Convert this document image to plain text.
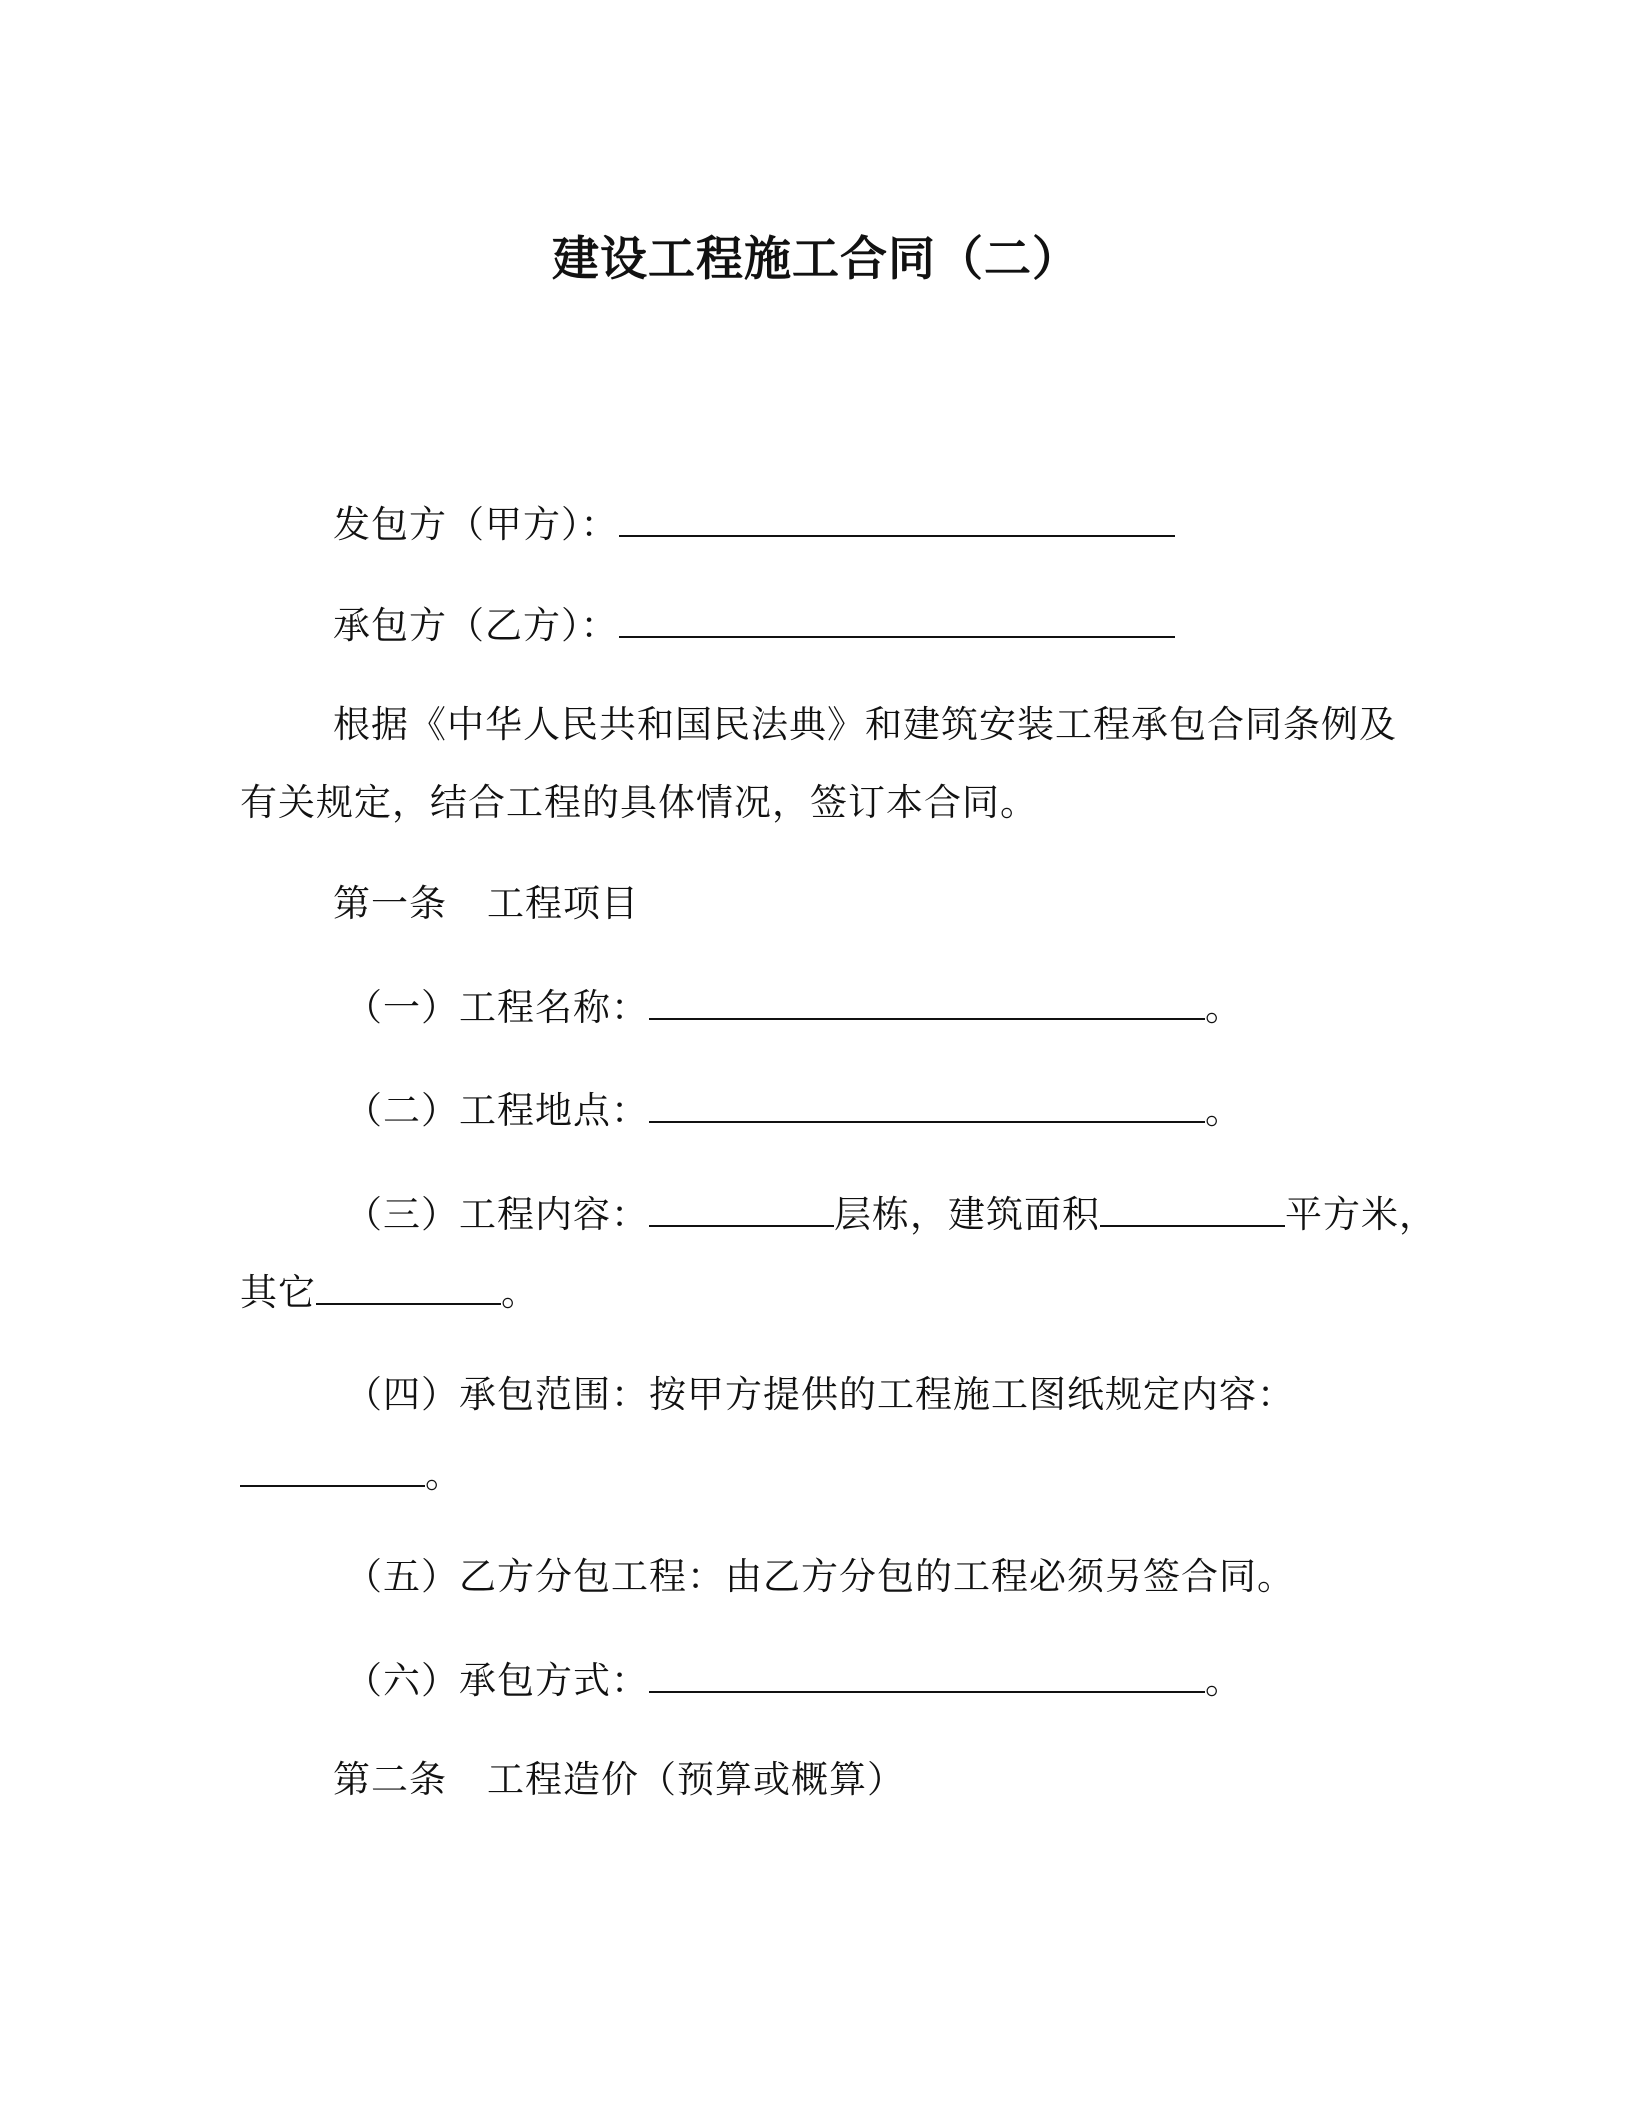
建设工程施工合同（二）
发包方（甲方）：
承包方（乙方）：
根据《中华人民共和国民法典》和建筑安装工程承包合同条例及
有关规定，结合工程的具体情况，签订本合同。
第一条 工程项目
（一）工程名称：	。
（二）工程地点：	。
（三）工程内容：	层栋，建筑面积	平方米，
其它	。
（四）承包范围：按甲方提供的工程施工图纸规定内容：
。
（五）乙方分包工程：由乙方分包的工程必须另签合同。
（六）承包方式：	。
第二条 工程造价（预算或概算）
